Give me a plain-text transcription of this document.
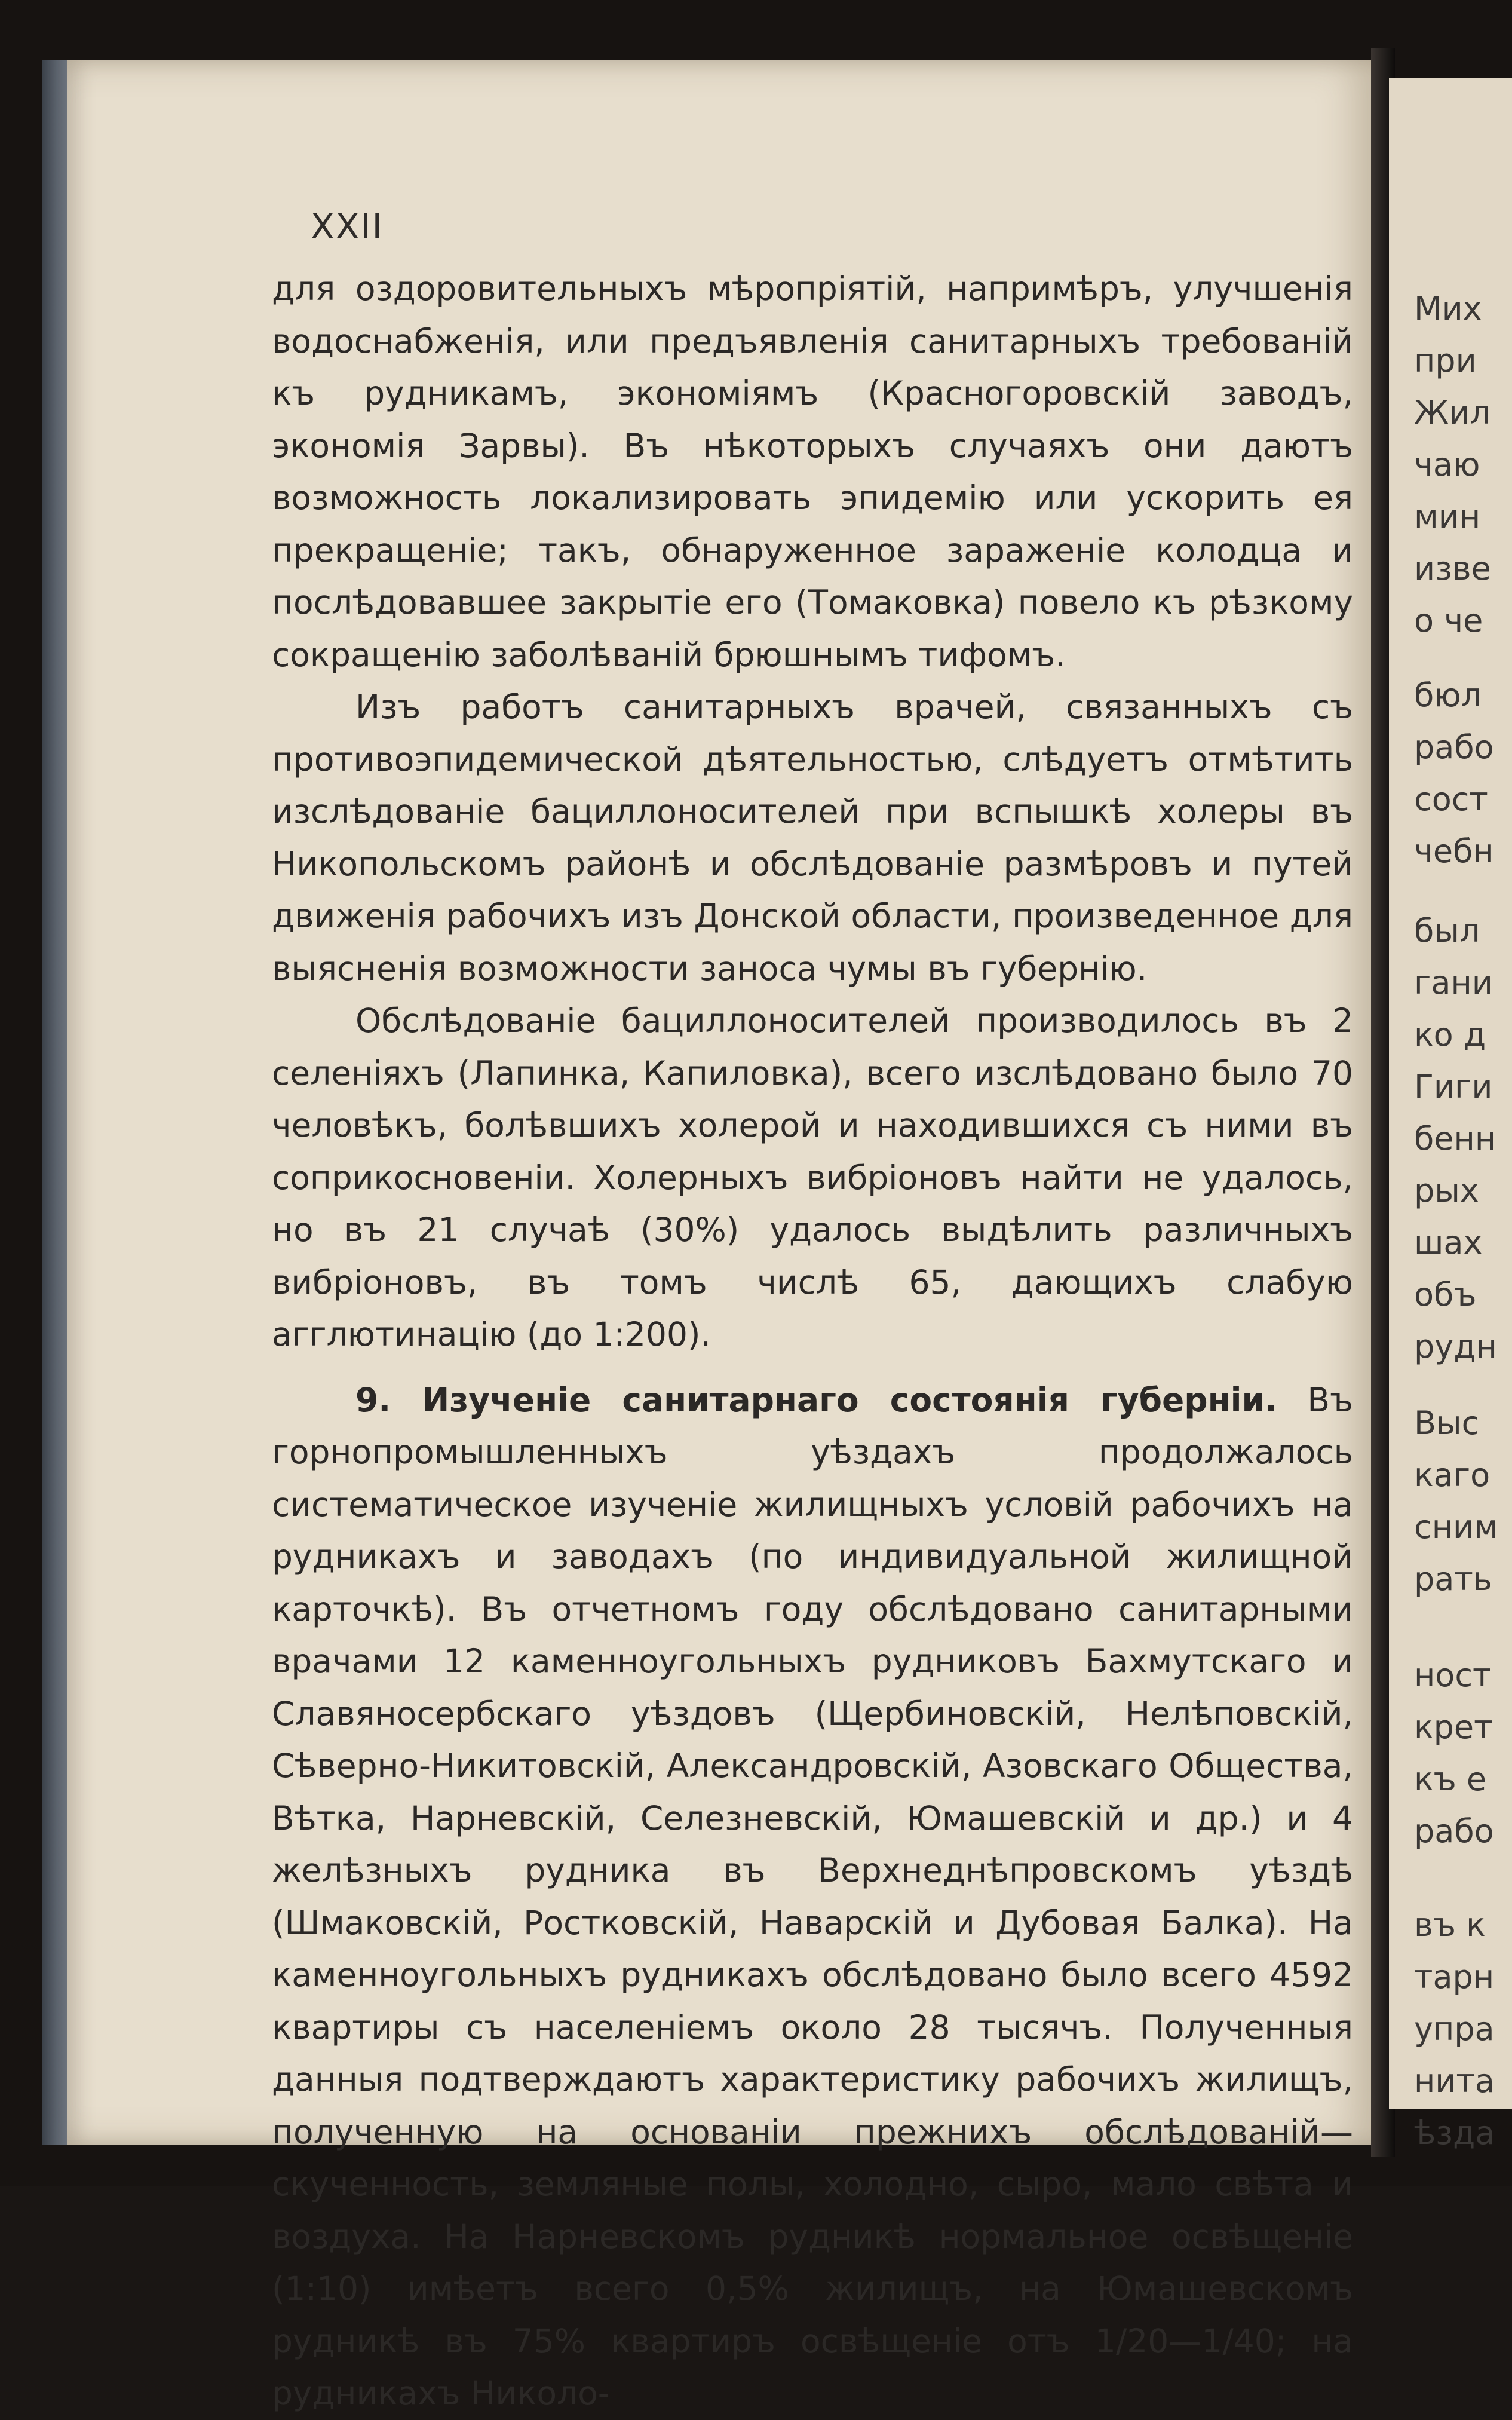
Мих
при
Жил
чаю
мин
изве
о че
бюл
рабо
сост
чебн
был
гани
ко д
Гиги
бенн
рых
шах
объ
рудн
Выс
каго
сним
рать
ност
крет
къ е
рабо
въ к
тарн
упра
нита
ѣзда
XXII

для оздоровительныхъ мѣропріятій, напримѣръ, улучшенія водоснабженія, или предъявленія санитарныхъ требованій къ рудникамъ, экономіямъ (Красногоровскій заводъ, экономія Зарвы). Въ нѣкоторыхъ случаяхъ они даютъ возможность локализировать эпидемію или ускорить ея прекращеніе; такъ, обнаруженное зараженіе колодца и послѣдовавшее закрытіе его (Томаковка) повело къ рѣзкому сокращенію заболѣваній брюшнымъ тифомъ.

Изъ работъ санитарныхъ врачей, связанныхъ съ противоэпидемической дѣятельностью, слѣдуетъ отмѣтить изслѣдованіе бациллоносителей при вспышкѣ холеры въ Никопольскомъ районѣ и обслѣдованіе размѣровъ и путей движенія рабочихъ изъ Донской области, произведенное для выясненія возможности заноса чумы въ губернію.

Обслѣдованіе бациллоносителей производилось въ 2 селеніяхъ (Лапинка, Капиловка), всего изслѣдовано было 70 человѣкъ, болѣвшихъ холерой и находившихся съ ними въ соприкосновеніи. Холерныхъ вибріоновъ найти не удалось, но въ 21 случаѣ (30%) удалось выдѣлить различныхъ вибріоновъ, въ томъ числѣ 65, дающихъ слабую агглютинацію (до 1:200).

9. Изученіе санитарнаго состоянія губерніи. Въ горнопромышленныхъ уѣздахъ продолжалось систематическое изученіе жилищныхъ условій рабочихъ на рудникахъ и заводахъ (по индивидуальной жилищной карточкѣ). Въ отчетномъ году обслѣдовано санитарными врачами 12 каменноугольныхъ рудниковъ Бахмутскаго и Славяносербскаго уѣздовъ (Щербиновскій, Нелѣповскій, Сѣверно-Никитовскій, Александровскій, Азовскаго Общества, Вѣтка, Нарневскій, Селезневскій, Юмашевскій и др.) и 4 желѣзныхъ рудника въ Верхнеднѣпровскомъ уѣздѣ (Шмаковскій, Ростковскій, Наварскій и Дубовая Балка). На каменноугольныхъ рудникахъ обслѣдовано было всего 4592 квартиры съ населеніемъ около 28 тысячъ. Полученныя данныя подтверждаютъ характеристику рабочихъ жилищъ, полученную на основаніи прежнихъ обслѣдованій—скученность, земляные полы, холодно, сыро, мало свѣта и воздуха. На Нарневскомъ рудникѣ нормальное освѣщеніе (1:10) имѣетъ всего 0,5% жилищъ, на Юмашевскомъ рудникѣ въ 75% квартиръ освѣщеніе отъ 1/20—1/40; на рудникахъ Николо-
